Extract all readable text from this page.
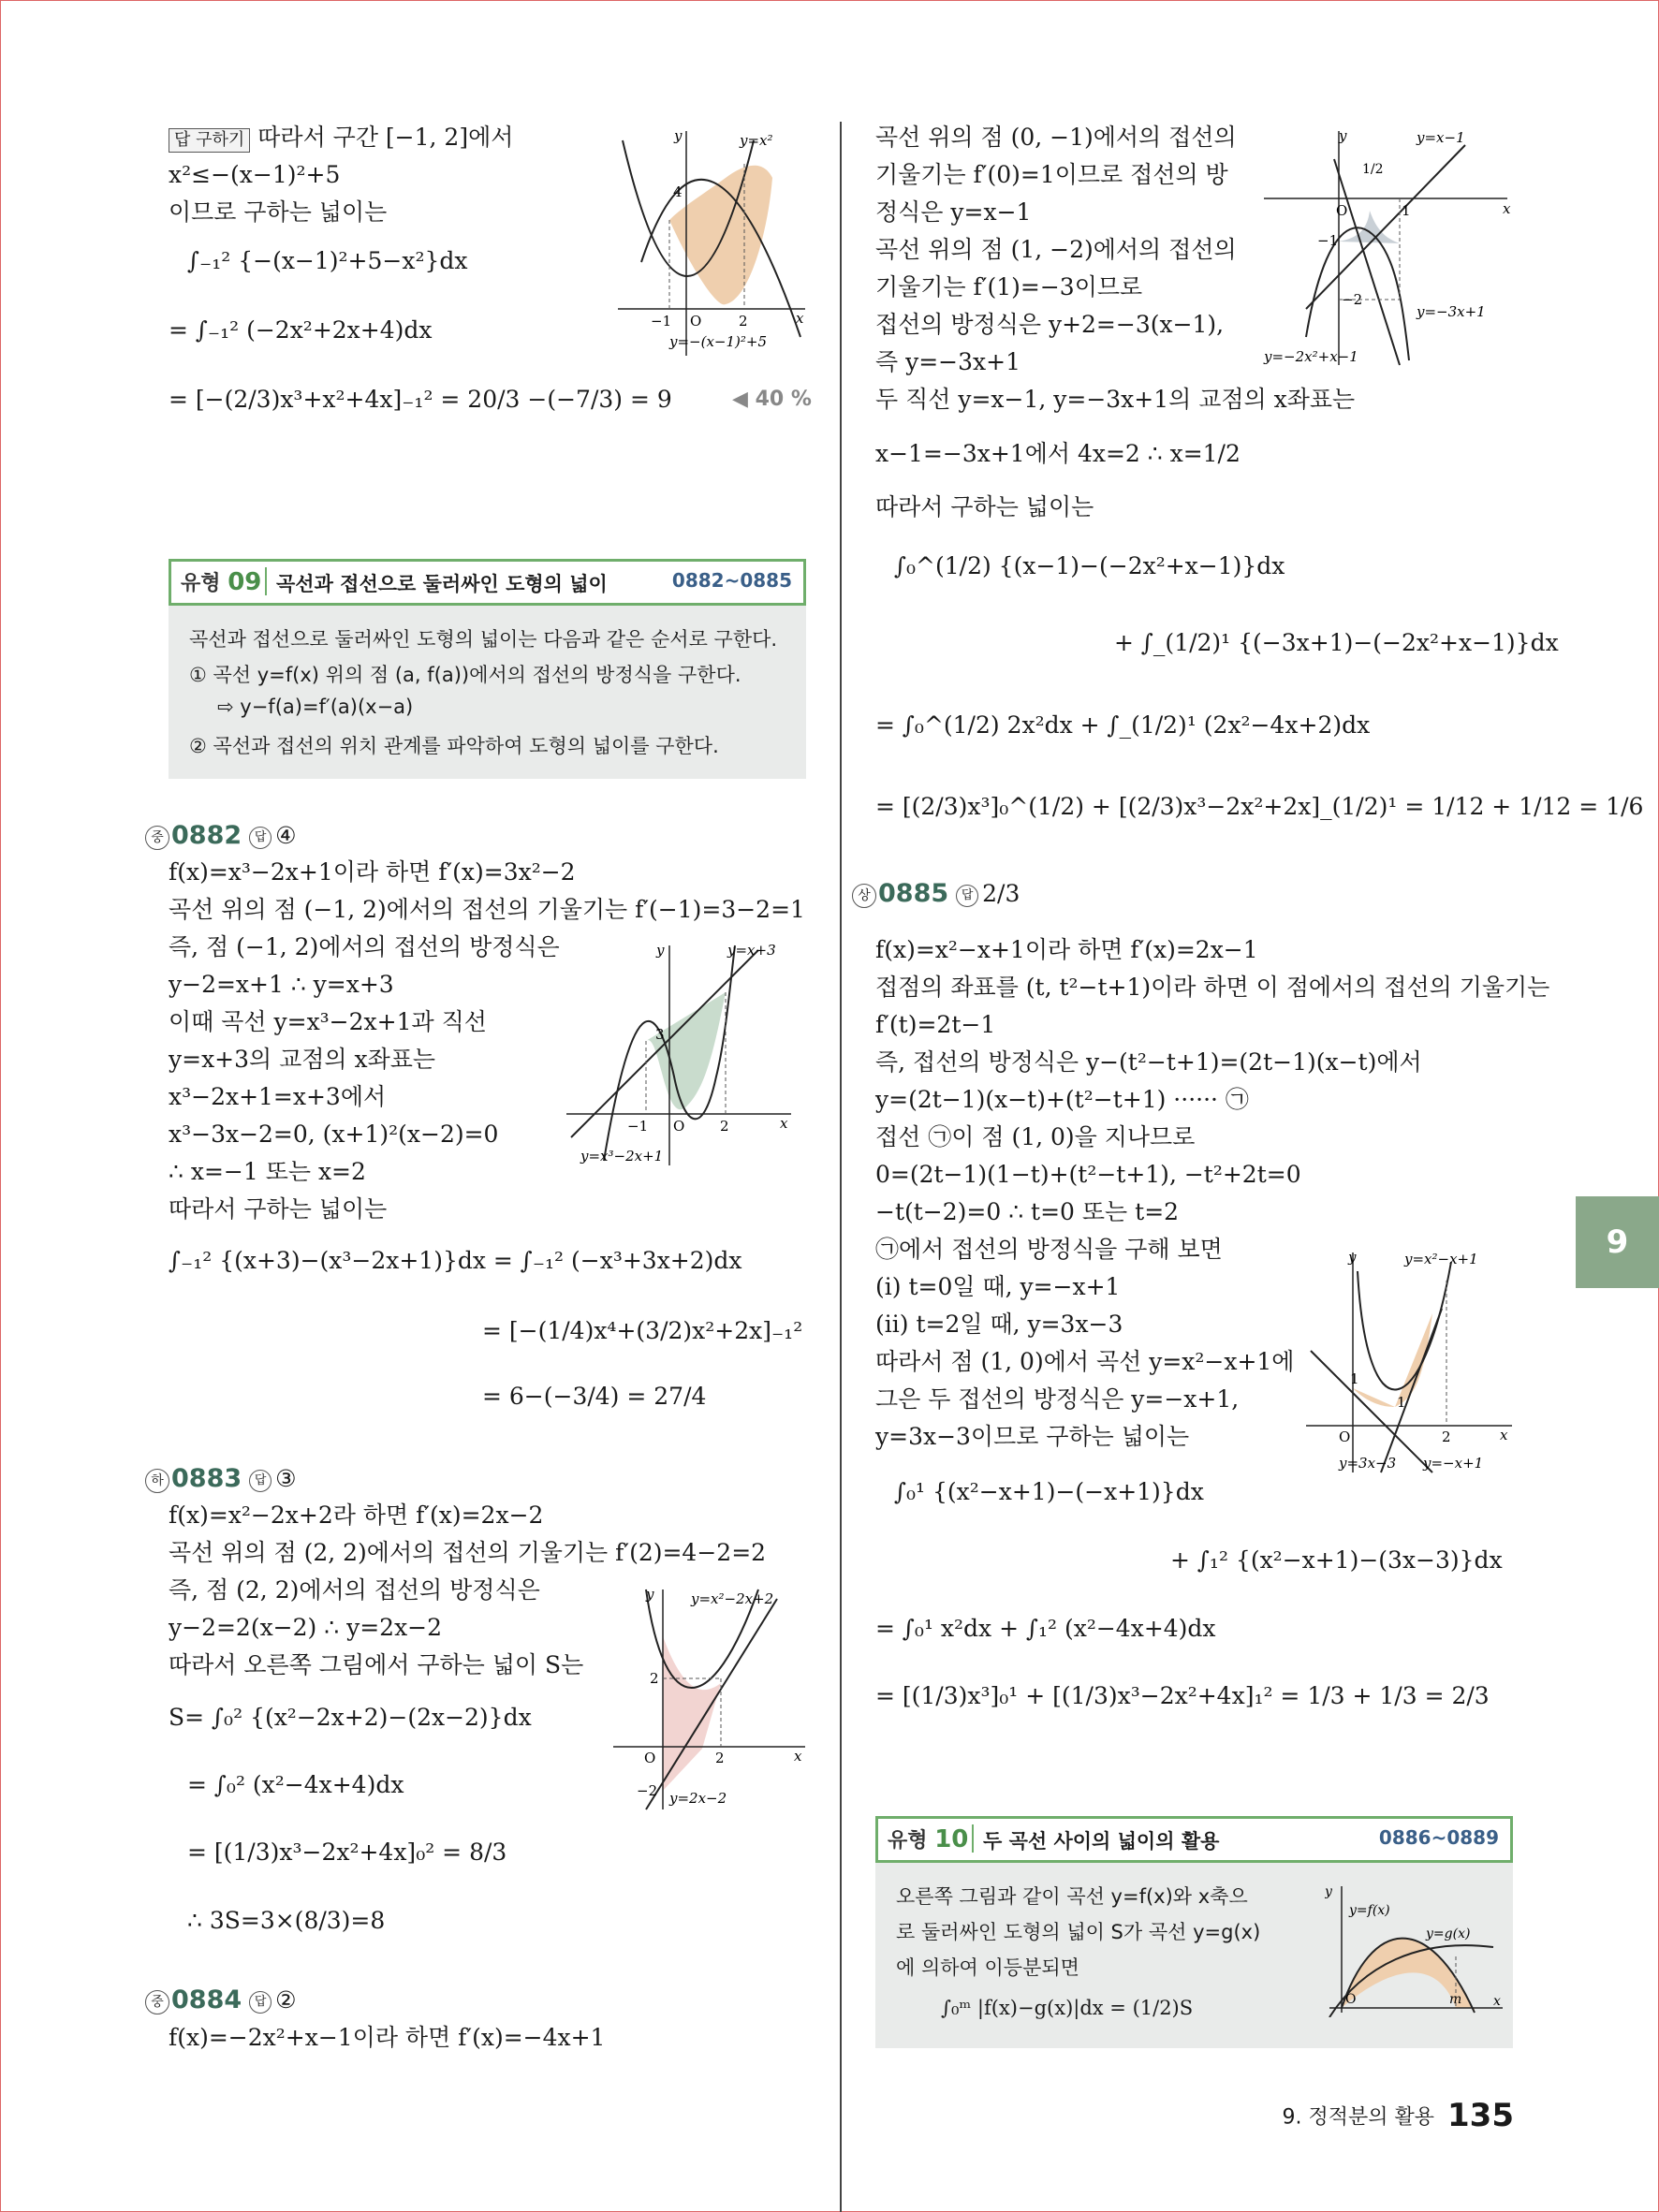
답 구하기 따라서 구간 [−1, 2]에서
x²≤−(x−1)²+5
이므로 구하는 넓이는
∫₋₁² {−(x−1)²+5−x²}dx
= ∫₋₁² (−2x²+2x+4)dx
= [−(2/3)x³+x²+4x]₋₁² = 20/3 −(−7/3) = 9	◀ 40 %
y	y=x²
4
−1 O	2	x
y=−(x−1)²+5
유형 09 곡선과 접선으로 둘러싸인 도형의 넓이	0882~0885
곡선과 접선으로 둘러싸인 도형의 넓이는 다음과 같은 순서로 구한다.
① 곡선 y=f(x) 위의 점 (a, f(a))에서의 접선의 방정식을 구한다.
⇨ y−f(a)=f′(a)(x−a)
② 곡선과 접선의 위치 관계를 파악하여 도형의 넓이를 구한다.
중 0882 답 ④
f(x)=x³−2x+1이라 하면 f′(x)=3x²−2
곡선 위의 점 (−1, 2)에서의 접선의 기울기는 f′(−1)=3−2=1
즉, 점 (−1, 2)에서의 접선의 방정식은
y−2=x+1 ∴ y=x+3
이때 곡선 y=x³−2x+1과 직선
y=x+3의 교점의 x좌표는
x³−2x+1=x+3에서
x³−3x−2=0, (x+1)²(x−2)=0
∴ x=−1 또는 x=2
따라서 구하는 넓이는
∫₋₁² {(x+3)−(x³−2x+1)}dx = ∫₋₁² (−x³+3x+2)dx
= [−(1/4)x⁴+(3/2)x²+2x]₋₁²
= 6−(−3/4) = 27/4
y	y=x+3
3
−1 O	2	x
y=x³−2x+1
하 0883 답 ③
f(x)=x²−2x+2라 하면 f′(x)=2x−2
곡선 위의 점 (2, 2)에서의 접선의 기울기는 f′(2)=4−2=2
즉, 점 (2, 2)에서의 접선의 방정식은
y−2=2(x−2) ∴ y=2x−2
따라서 오른쪽 그림에서 구하는 넓이 S는
S= ∫₀² {(x²−2x+2)−(2x−2)}dx
= ∫₀² (x²−4x+4)dx
= [(1/3)x³−2x²+4x]₀² = 8/3
∴ 3S=3×(8/3)=8
y	y=x²−2x+2
2
O	2	x
−2 y=2x−2
중 0884 답 ②
f(x)=−2x²+x−1이라 하면 f′(x)=−4x+1
곡선 위의 점 (0, −1)에서의 접선의
기울기는 f′(0)=1이므로 접선의 방
정식은 y=x−1
곡선 위의 점 (1, −2)에서의 접선의
기울기는 f′(1)=−3이므로
접선의 방정식은 y+2=−3(x−1),
즉 y=−3x+1
두 직선 y=x−1, y=−3x+1의 교점의 x좌표는
x−1=−3x+1에서 4x=2 ∴ x=1/2
따라서 구하는 넓이는
∫₀^(1/2) {(x−1)−(−2x²+x−1)}dx
+ ∫_(1/2)¹ {(−3x+1)−(−2x²+x−1)}dx
= ∫₀^(1/2) 2x²dx + ∫_(1/2)¹ (2x²−4x+2)dx
= [(2/3)x³]₀^(1/2) + [(2/3)x³−2x²+2x]_(1/2)¹ = 1/12 + 1/12 = 1/6
y	y=x−1
1/2
O	1	x
−1
−2
y=−3x+1
y=−2x²+x−1
상 0885 답 2/3
f(x)=x²−x+1이라 하면 f′(x)=2x−1
접점의 좌표를 (t, t²−t+1)이라 하면 이 점에서의 접선의 기울기는
f′(t)=2t−1
즉, 접선의 방정식은 y−(t²−t+1)=(2t−1)(x−t)에서
y=(2t−1)(x−t)+(t²−t+1) ······ ㉠
접선 ㉠이 점 (1, 0)을 지나므로
0=(2t−1)(1−t)+(t²−t+1), −t²+2t=0
−t(t−2)=0 ∴ t=0 또는 t=2
㉠에서 접선의 방정식을 구해 보면
(i) t=0일 때, y=−x+1
(ii) t=2일 때, y=3x−3
따라서 점 (1, 0)에서 곡선 y=x²−x+1에
그은 두 접선의 방정식은 y=−x+1,
y=3x−3이므로 구하는 넓이는
∫₀¹ {(x²−x+1)−(−x+1)}dx
+ ∫₁² {(x²−x+1)−(3x−3)}dx
= ∫₀¹ x²dx + ∫₁² (x²−4x+4)dx
= [(1/3)x³]₀¹ + [(1/3)x³−2x²+4x]₁² = 1/3 + 1/3 = 2/3
y	y=x²−x+1
1
1
O	2	x
y=3x−3 y=−x+1
유형 10 두 곡선 사이의 넓이의 활용	0886~0889
오른쪽 그림과 같이 곡선 y=f(x)와 x축으
로 둘러싸인 도형의 넓이 S가 곡선 y=g(x)
에 의하여 이등분되면
∫₀ᵐ |f(x)−g(x)|dx = (1/2)S
y
y=f(x)
y=g(x)
O	m x
9
9. 정적분의 활용 135
